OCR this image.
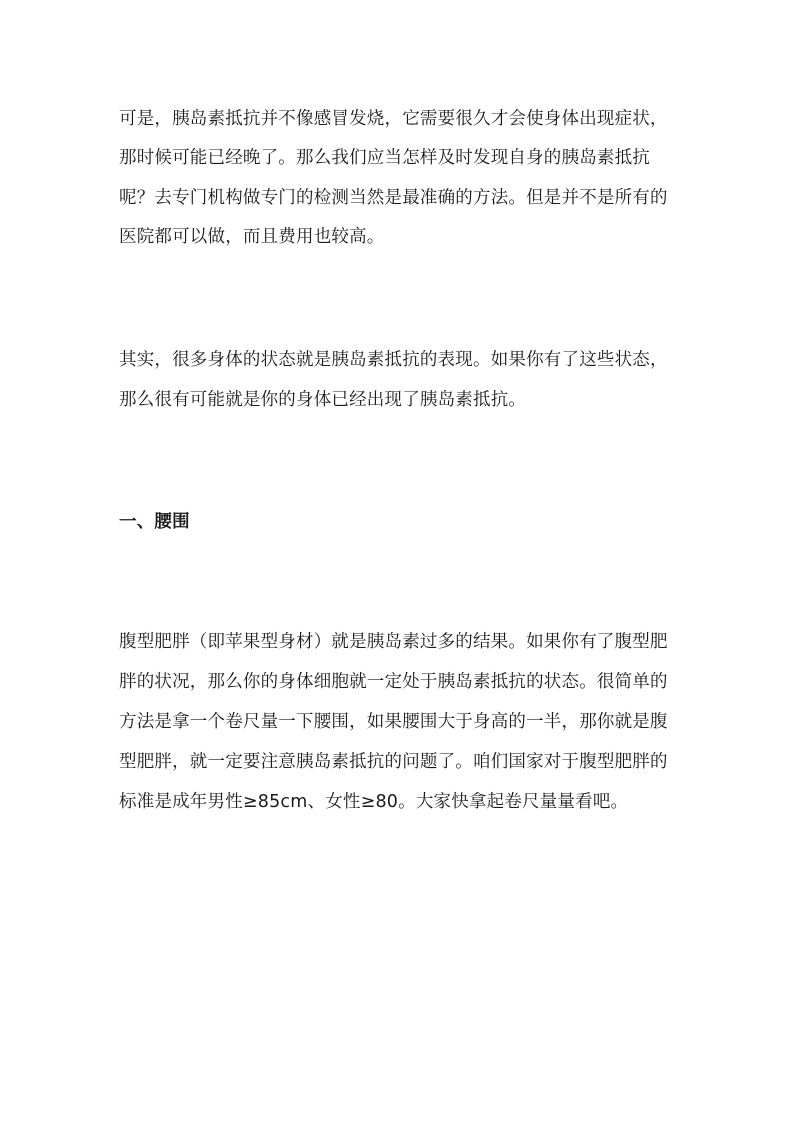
可是，胰岛素抵抗并不像感冒发烧，它需要很久才会使身体出现症状，
那时候可能已经晚了。那么我们应当怎样及时发现自身的胰岛素抵抗
呢？去专门机构做专门的检测当然是最准确的方法。但是并不是所有的
医院都可以做，而且费用也较高。
其实，很多身体的状态就是胰岛素抵抗的表现。如果你有了这些状态，
那么很有可能就是你的身体已经出现了胰岛素抵抗。
一、腰围
腹型肥胖（即苹果型身材）就是胰岛素过多的结果。如果你有了腹型肥
胖的状况，那么你的身体细胞就一定处于胰岛素抵抗的状态。很简单的
方法是拿一个卷尺量一下腰围，如果腰围大于身高的一半，那你就是腹
型肥胖，就一定要注意胰岛素抵抗的问题了。咱们国家对于腹型肥胖的
标准是成年男性≥85cm、女性≥80。大家快拿起卷尺量量看吧。
